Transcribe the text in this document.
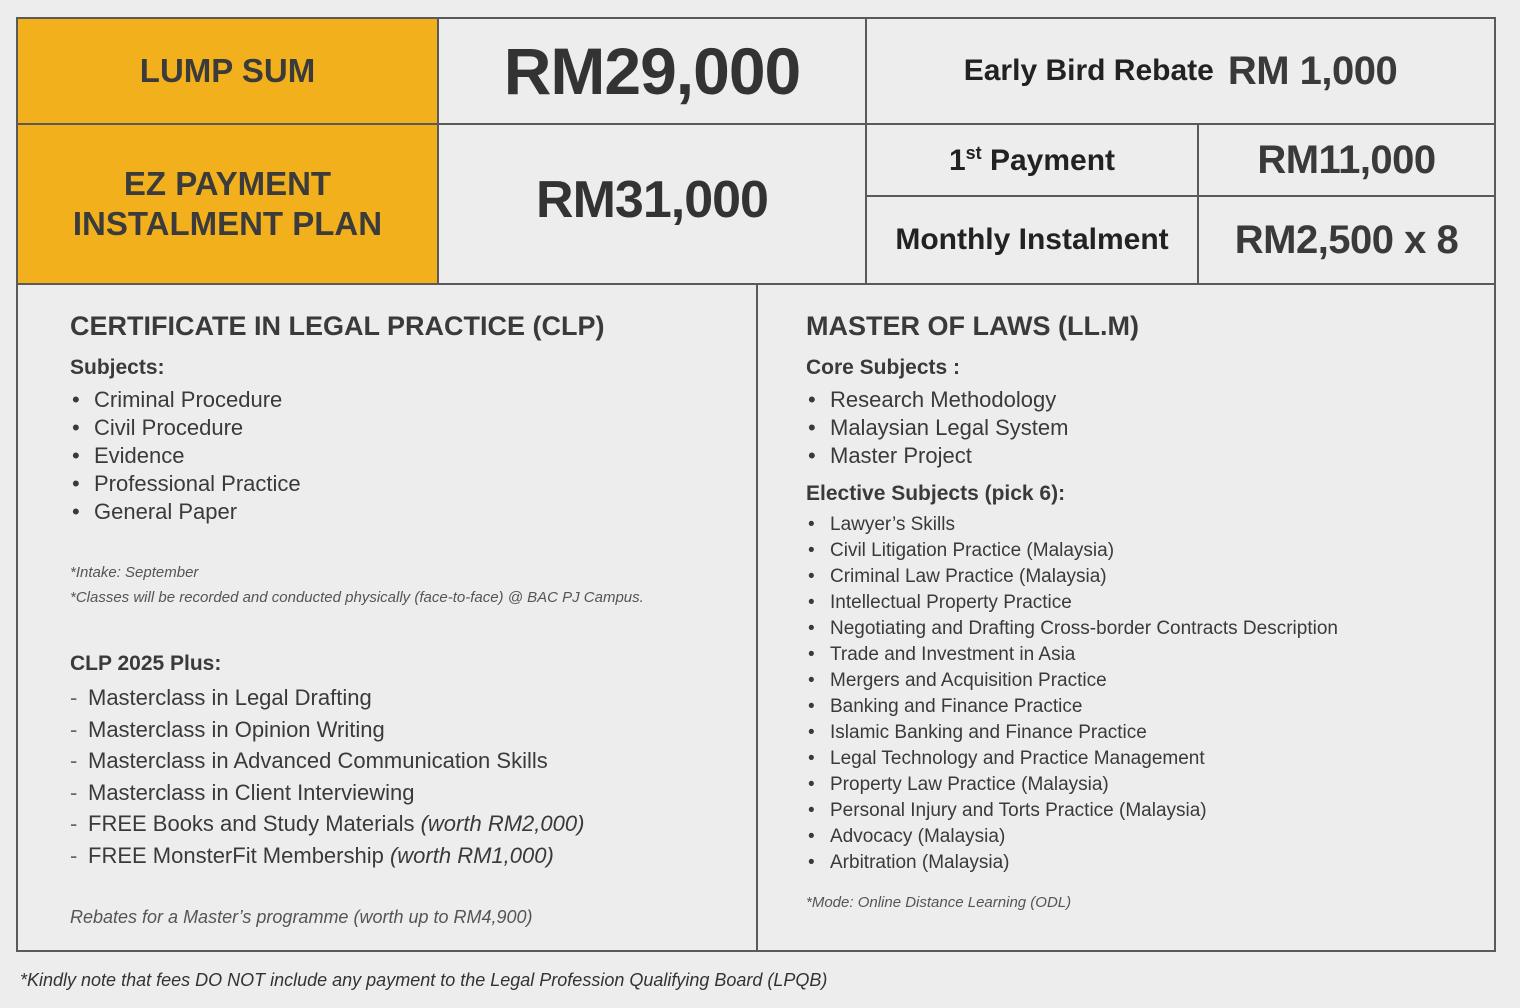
LUMP SUM
EZ PAYMENT
INSTALMENT PLAN
RM29,000
RM31,000
Early Bird Rebate RM 1,000
1st Payment	RM11,000
Monthly Instalment RM2,500 x 8
CERTIFICATE IN LEGAL PRACTICE (CLP)
Subjects:
• Criminal Procedure
• Civil Procedure
• Evidence
• Professional Practice
• General Paper
*Intake: September
*Classes will be recorded and conducted physically (face-to-face) @ BAC PJ Campus.
CLP 2025 Plus:
- Masterclass in Legal Drafting
- Masterclass in Opinion Writing
- Masterclass in Advanced Communication Skills
- Masterclass in Client Interviewing
- FREE Books and Study Materials (worth RM2,000)
- FREE MonsterFit Membership (worth RM1,000)
Rebates for a Master’s programme (worth up to RM4,900)
MASTER OF LAWS (LL.M)
Core Subjects :
• Research Methodology
• Malaysian Legal System
• Master Project
Elective Subjects (pick 6):
• Lawyer’s Skills
• Civil Litigation Practice (Malaysia)
• Criminal Law Practice (Malaysia)
• Intellectual Property Practice
• Negotiating and Drafting Cross-border Contracts Description
• Trade and Investment in Asia
• Mergers and Acquisition Practice
• Banking and Finance Practice
• Islamic Banking and Finance Practice
• Legal Technology and Practice Management
• Property Law Practice (Malaysia)
• Personal Injury and Torts Practice (Malaysia)
• Advocacy (Malaysia)
• Arbitration (Malaysia)
*Mode: Online Distance Learning (ODL)
*Kindly note that fees DO NOT include any payment to the Legal Profession Qualifying Board (LPQB)
